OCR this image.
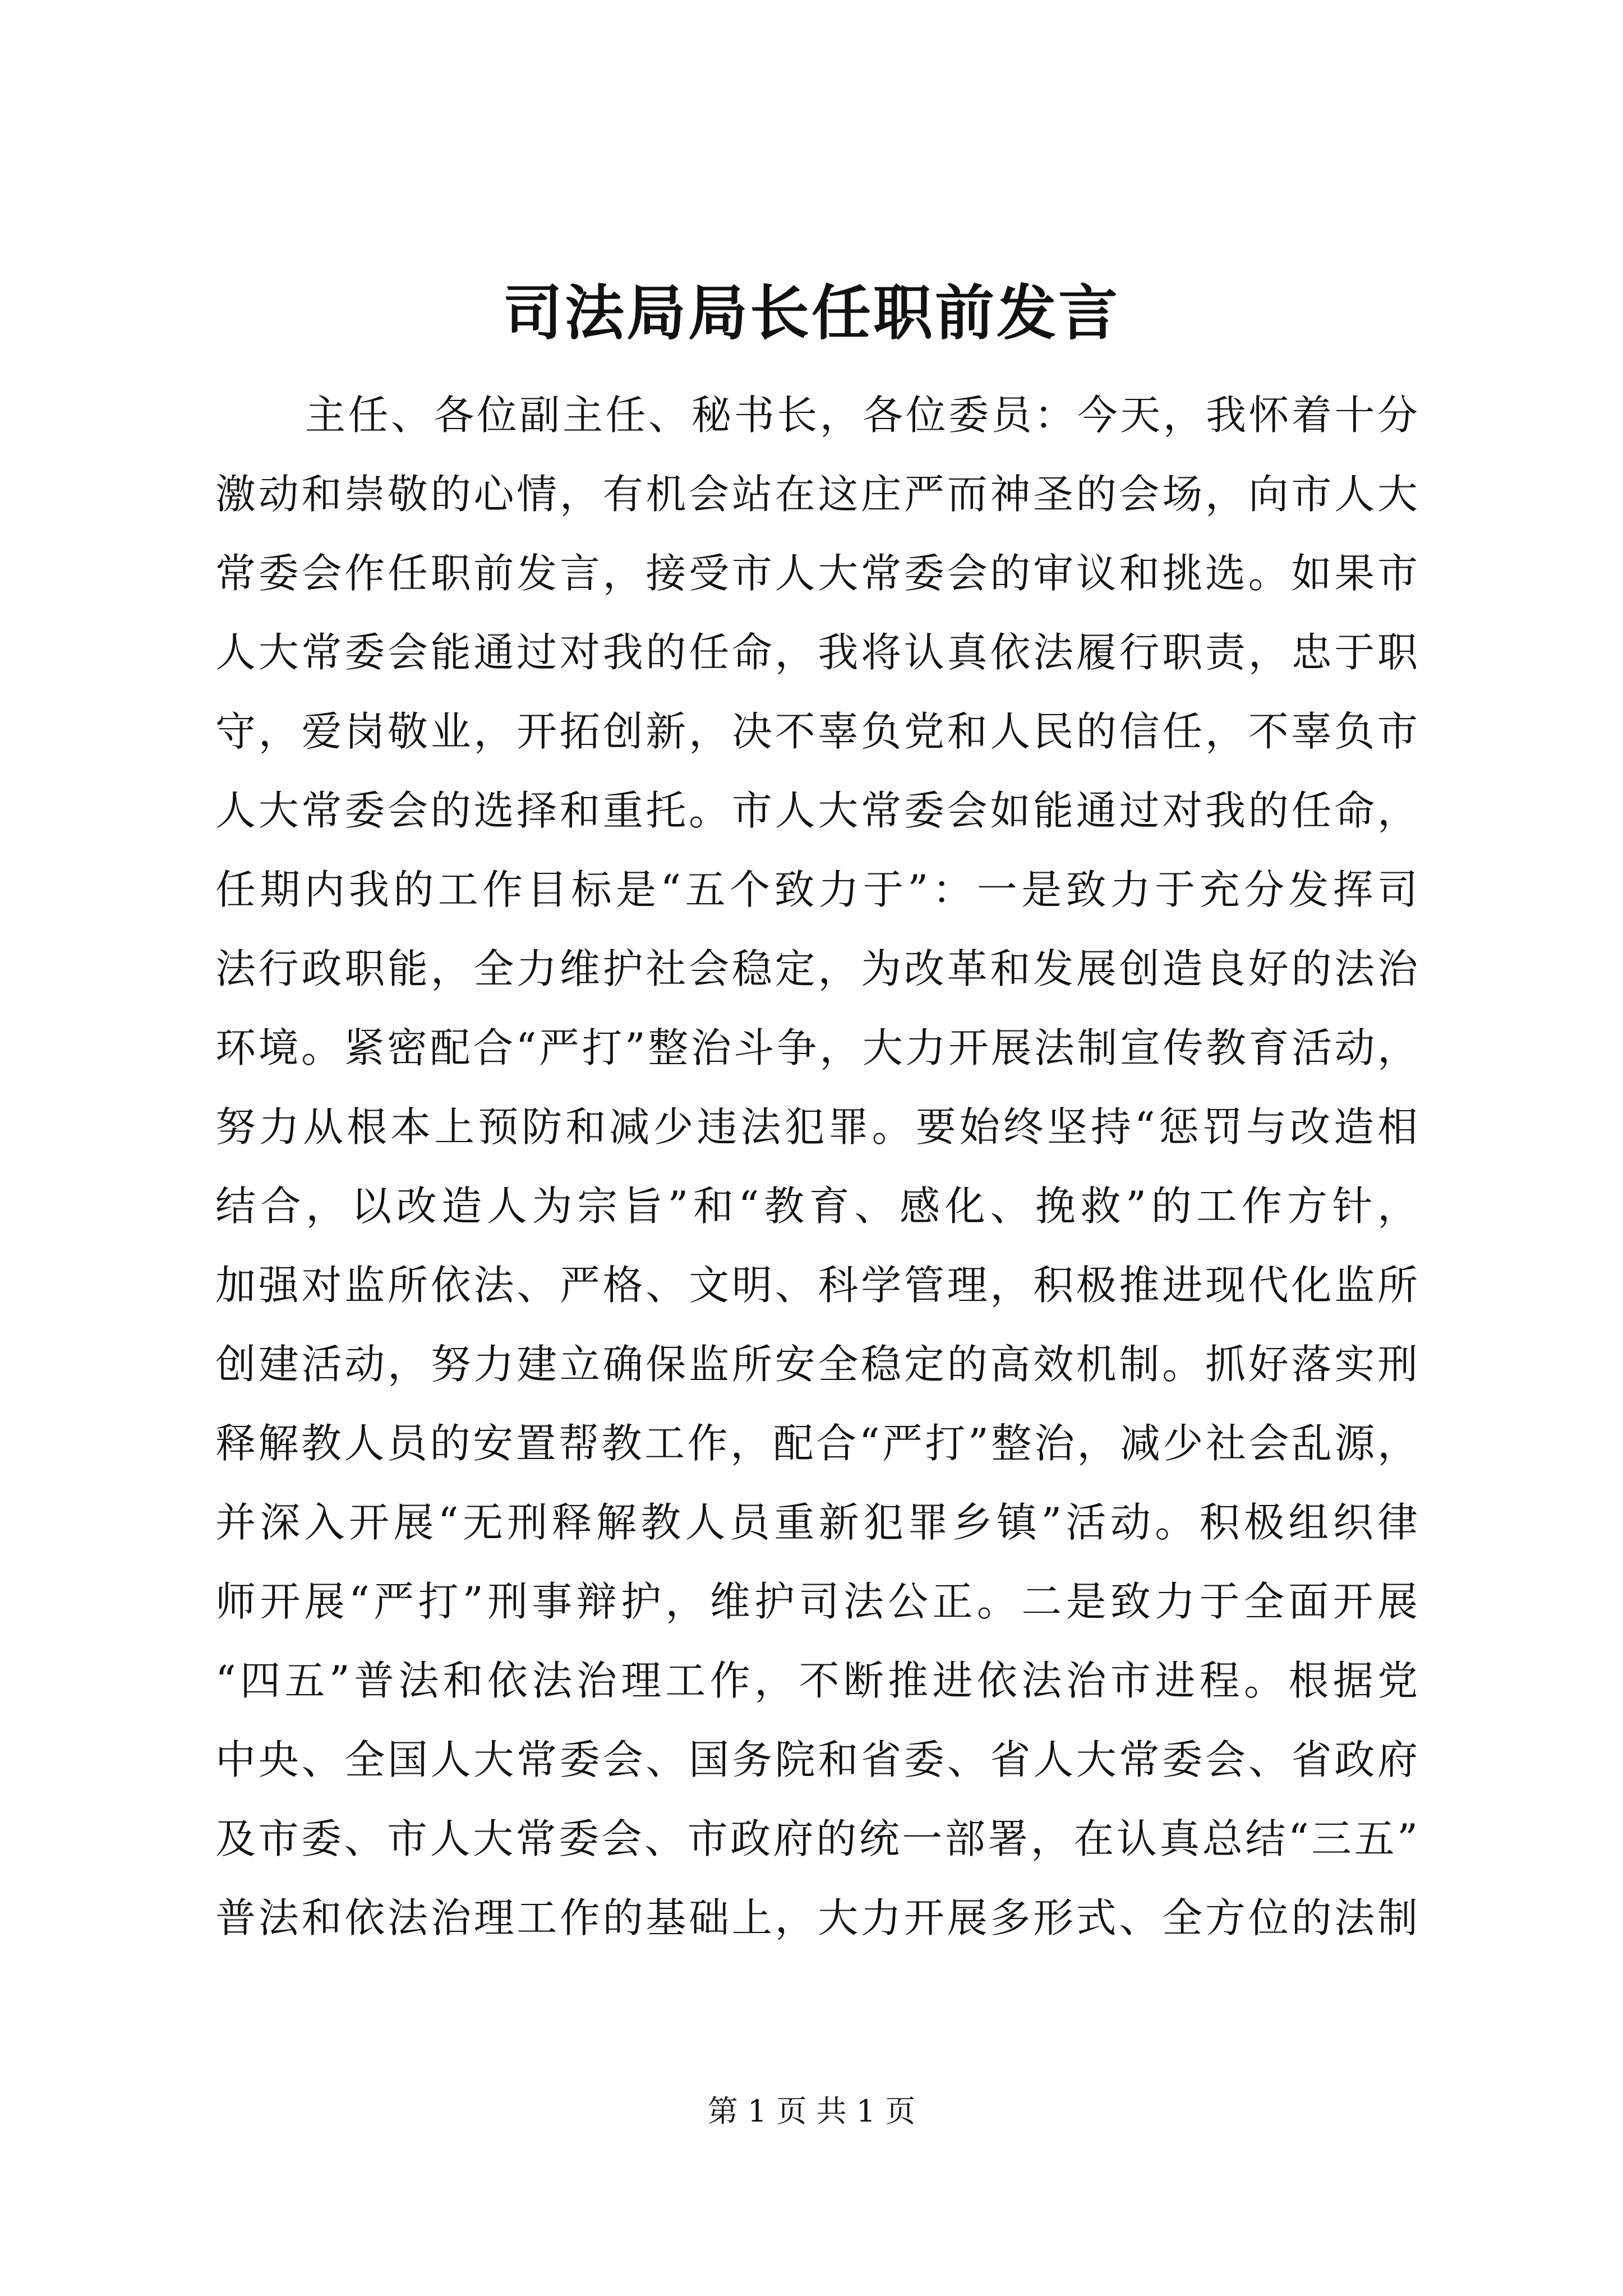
司法局局长任职前发言
主任、各位副主任、秘书长，各位委员：今天，我怀着十分
激动和崇敬的心情，有机会站在这庄严而神圣的会场，向市人大
常委会作任职前发言，接受市人大常委会的审议和挑选。如果市
人大常委会能通过对我的任命，我将认真依法履行职责，忠于职
守，爱岗敬业，开拓创新，决不辜负党和人民的信任，不辜负市
人大常委会的选择和重托。市人大常委会如能通过对我的任命，
任期内我的工作目标是“五个致力于”：一是致力于充分发挥司
法行政职能，全力维护社会稳定，为改革和发展创造良好的法治
环境。紧密配合“严打”整治斗争，大力开展法制宣传教育活动，
努力从根本上预防和减少违法犯罪。要始终坚持“惩罚与改造相
结合，以改造人为宗旨”和“教育、感化、挽救”的工作方针，
加强对监所依法、严格、文明、科学管理，积极推进现代化监所
创建活动，努力建立确保监所安全稳定的高效机制。抓好落实刑
释解教人员的安置帮教工作，配合“严打”整治，减少社会乱源，
并深入开展“无刑释解教人员重新犯罪乡镇”活动。积极组织律
师开展“严打”刑事辩护，维护司法公正。二是致力于全面开展
“四五”普法和依法治理工作，不断推进依法治市进程。根据党
中央、全国人大常委会、国务院和省委、省人大常委会、省政府
及市委、市人大常委会、市政府的统一部署，在认真总结“三五”
普法和依法治理工作的基础上，大力开展多形式、全方位的法制
第 1 页 共 1 页
